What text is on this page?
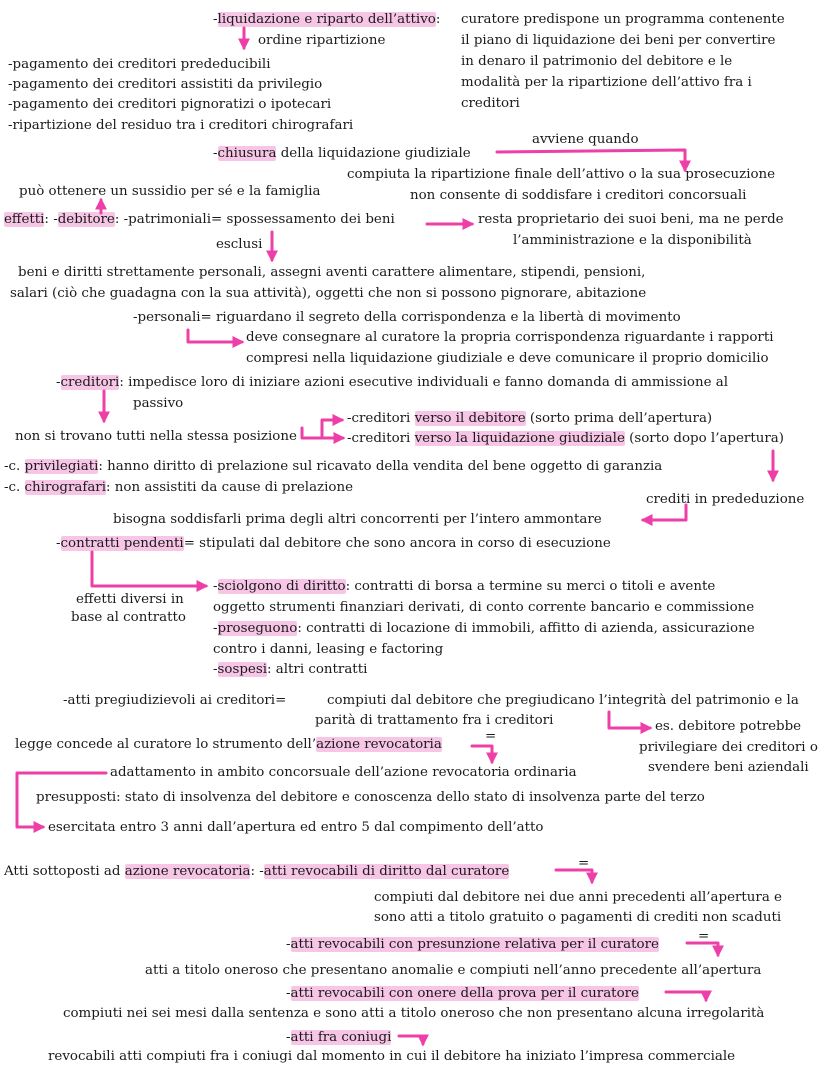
-liquidazione e riparto dell’attivo: curatore predispone un programma contenente
il piano di liquidazione dei beni per convertire
in denaro il patrimonio del debitore e le
modalità per la ripartizione dell’attivo fra i
creditori
ordine ripartizione
-pagamento dei creditori prededucibili
-pagamento dei creditori assistiti da privilegio
-pagamento dei creditori pignoratizi o ipotecari
-ripartizione del residuo tra i creditori chirografari
-chiusura della liquidazione giudiziale
avviene quando
compiuta la ripartizione finale dell’attivo o la sua prosecuzione
non consente di soddisfare i creditori concorsuali
può ottenere un sussidio per sé e la famiglia
effetti: -debitore: -patrimoniali= spossessamento dei beni	resta proprietario dei suoi beni, ma ne perde
l’amministrazione e la disponibilità
esclusi
beni e diritti strettamente personali, assegni aventi carattere alimentare, stipendi, pensioni,
salari (ciò che guadagna con la sua attività), oggetti che non si possono pignorare, abitazione
-personali= riguardano il segreto della corrispondenza e la libertà di movimento
deve consegnare al curatore la propria corrispondenza riguardante i rapporti
compresi nella liquidazione giudiziale e deve comunicare il proprio domicilio
-creditori: impedisce loro di iniziare azioni esecutive individuali e fanno domanda di ammissione al
passivo
-creditori verso il debitore (sorto prima dell’apertura)
-creditori verso la liquidazione giudiziale (sorto dopo l’apertura)
non si trovano tutti nella stessa posizione
-c. privilegiati: hanno diritto di prelazione sul ricavato della vendita del bene oggetto di garanzia
-c. chirografari: non assistiti da cause di prelazione
crediti in prededuzione
bisogna soddisfarli prima degli altri concorrenti per l’intero ammontare
-contratti pendenti= stipulati dal debitore che sono ancora in corso di esecuzione
effetti diversi in
base al contratto
-sciolgono di diritto: contratti di borsa a termine su merci o titoli e avente
oggetto strumenti finanziari derivati, di conto corrente bancario e commissione
-proseguono: contratti di locazione di immobili, affitto di azienda, assicurazione
contro i danni, leasing e factoring
-sospesi: altri contratti
-atti pregiudizievoli ai creditori=	compiuti dal debitore che pregiudicano l’integrità del patrimonio e la
parità di trattamento fra i creditori	es. debitore potrebbe
privilegiare dei creditori o
svendere beni aziendali
legge concede al curatore lo strumento dell’azione revocatoria
=
adattamento in ambito concorsuale dell’azione revocatoria ordinaria
presupposti: stato di insolvenza del debitore e conoscenza dello stato di insolvenza parte del terzo
esercitata entro 3 anni dall’apertura ed entro 5 dal compimento dell’atto
Atti sottoposti ad azione revocatoria: -atti revocabili di diritto dal curatore
=
compiuti dal debitore nei due anni precedenti all’apertura e
sono atti a titolo gratuito o pagamenti di crediti non scaduti
-atti revocabili con presunzione relativa per il curatore
=
atti a titolo oneroso che presentano anomalie e compiuti nell’anno precedente all’apertura
-atti revocabili con onere della prova per il curatore
compiuti nei sei mesi dalla sentenza e sono atti a titolo oneroso che non presentano alcuna irregolarità
-atti fra coniugi
revocabili atti compiuti fra i coniugi dal momento in cui il debitore ha iniziato l’impresa commerciale
